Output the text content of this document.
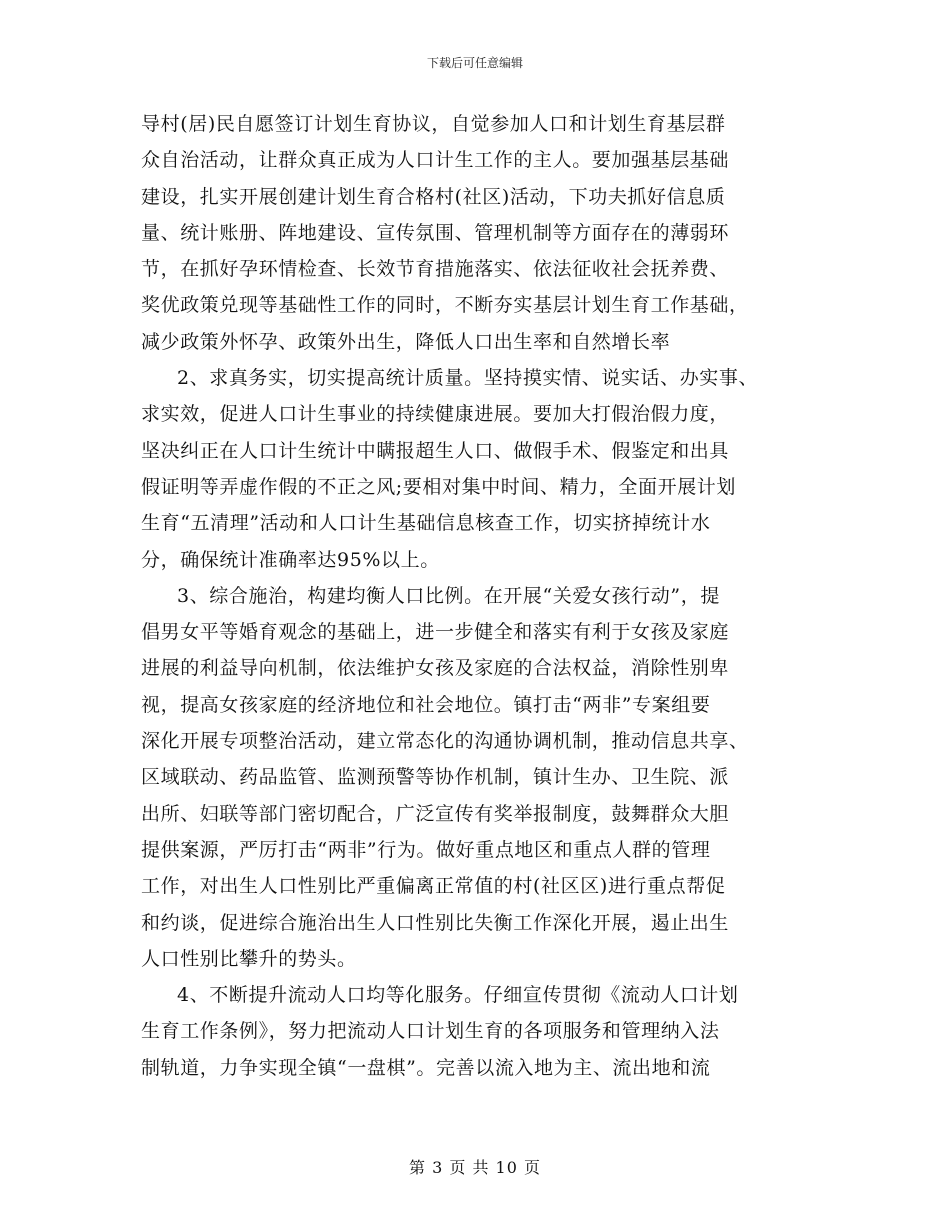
下载后可任意编辑
导村(居)民自愿签订计划生育协议，自觉参加人口和计划生育基层群
众自治活动，让群众真正成为人口计生工作的主人。要加强基层基础
建设，扎实开展创建计划生育合格村(社区)活动，下功夫抓好信息质
量、统计账册、阵地建设、宣传氛围、管理机制等方面存在的薄弱环
节，在抓好孕环情检查、长效节育措施落实、依法征收社会抚养费、
奖优政策兑现等基础性工作的同时，不断夯实基层计划生育工作基础，
减少政策外怀孕、政策外出生，降低人口出生率和自然增长率
2、求真务实，切实提高统计质量。坚持摸实情、说实话、办实事、
求实效，促进人口计生事业的持续健康进展。要加大打假治假力度，
坚决纠正在人口计生统计中瞒报超生人口、做假手术、假鉴定和出具
假证明等弄虚作假的不正之风;要相对集中时间、精力，全面开展计划
生育“五清理”活动和人口计生基础信息核查工作，切实挤掉统计水
分，确保统计准确率达95%以上。
3、综合施治，构建均衡人口比例。在开展“关爱女孩行动”，提
倡男女平等婚育观念的基础上，进一步健全和落实有利于女孩及家庭
进展的利益导向机制，依法维护女孩及家庭的合法权益，消除性别卑
视，提高女孩家庭的经济地位和社会地位。镇打击“两非”专案组要
深化开展专项整治活动，建立常态化的沟通协调机制，推动信息共享、
区域联动、药品监管、监测预警等协作机制，镇计生办、卫生院、派
出所、妇联等部门密切配合，广泛宣传有奖举报制度，鼓舞群众大胆
提供案源，严厉打击“两非”行为。做好重点地区和重点人群的管理
工作，对出生人口性别比严重偏离正常值的村(社区区)进行重点帮促
和约谈，促进综合施治出生人口性别比失衡工作深化开展，遏止出生
人口性别比攀升的势头。
4、不断提升流动人口均等化服务。仔细宣传贯彻《流动人口计划
生育工作条例》，努力把流动人口计划生育的各项服务和管理纳入法
制轨道，力争实现全镇“一盘棋”。完善以流入地为主、流出地和流
第 3 页 共 10 页
